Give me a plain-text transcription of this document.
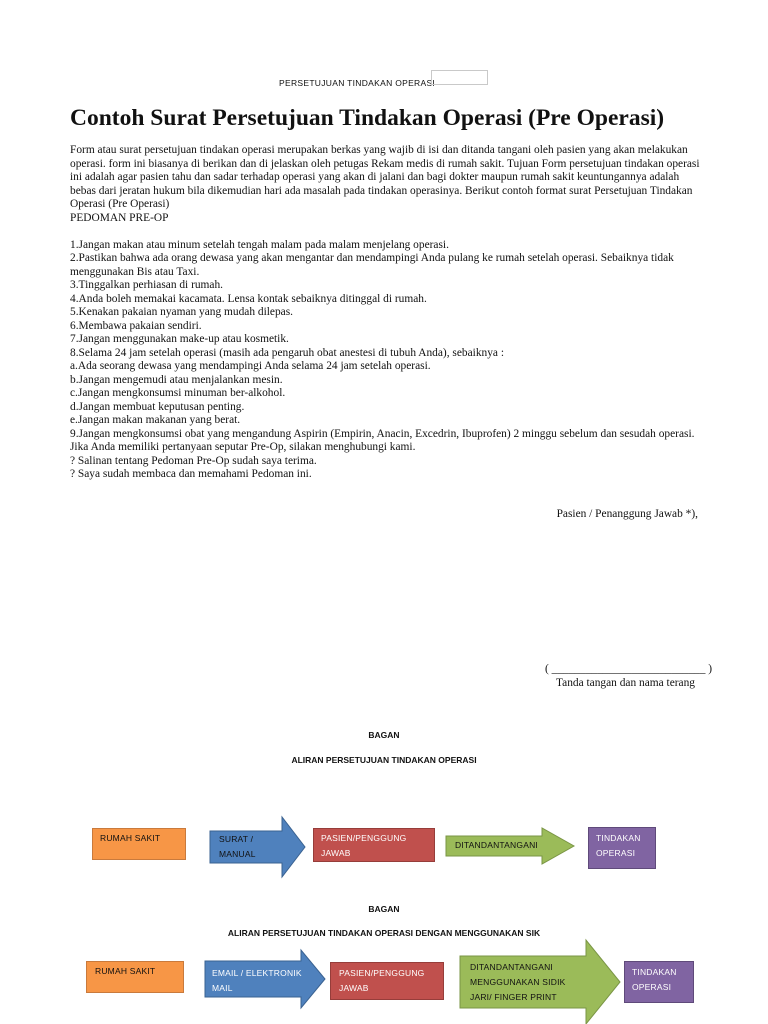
PERSETUJUAN TINDAKAN OPERASI
Contoh Surat Persetujuan Tindakan Operasi (Pre Operasi)
Form atau surat persetujuan tindakan operasi merupakan berkas yang wajib di isi dan ditanda tangani oleh pasien yang akan melakukan operasi. form ini biasanya di berikan dan di jelaskan oleh petugas Rekam medis di rumah sakit. Tujuan Form persetujuan tindakan operasi ini adalah agar pasien tahu dan sadar terhadap operasi yang akan di jalani dan bagi dokter maupun rumah sakit keuntungannya adalah bebas dari jeratan hukum bila dikemudian hari ada masalah pada tindakan operasinya. Berikut contoh format surat Persetujuan Tindakan Operasi (Pre Operasi)
PEDOMAN PRE-OP

1.Jangan makan atau minum setelah tengah malam pada malam menjelang operasi.
2.Pastikan bahwa ada orang dewasa yang akan mengantar dan mendampingi Anda pulang ke rumah setelah operasi. Sebaiknya tidak menggunakan Bis atau Taxi.
3.Tinggalkan perhiasan di rumah.
4.Anda boleh memakai kacamata. Lensa kontak sebaiknya ditinggal di rumah.
5.Kenakan pakaian nyaman yang mudah dilepas.
6.Membawa pakaian sendiri.
7.Jangan menggunakan make-up atau kosmetik.
8.Selama 24 jam setelah operasi (masih ada pengaruh obat anestesi di tubuh Anda), sebaiknya :
a.Ada seorang dewasa yang mendampingi Anda selama 24 jam setelah operasi.
b.Jangan mengemudi atau menjalankan mesin.
c.Jangan mengkonsumsi minuman ber-alkohol.
d.Jangan membuat keputusan penting.
e.Jangan makan makanan yang berat.
9.Jangan mengkonsumsi obat yang mengandung Aspirin (Empirin, Anacin, Excedrin, Ibuprofen) 2 minggu sebelum dan sesudah operasi.
Jika Anda memiliki pertanyaan seputar Pre-Op, silakan menghubungi kami.
? Salinan tentang Pedoman Pre-Op sudah saya terima.
? Saya sudah membaca dan memahami Pedoman ini.
Pasien / Penanggung Jawab *),
( ___________________________ )
Tanda tangan dan nama terang
BAGAN
ALIRAN PERSETUJUAN TINDAKAN OPERASI
RUMAH SAKIT	SURAT /
MANUAL
PASIEN/PENGGUNG
JAWAB
DITANDANTANGANI
TINDAKAN
OPERASI
BAGAN
ALIRAN PERSETUJUAN TINDAKAN OPERASI DENGAN MENGGUNAKAN SIK
RUMAH SAKIT	EMAIL / ELEKTRONIK
MAIL
PASIEN/PENGGUNG
JAWAB
DITANDANTANGANI
MENGGUNAKAN SIDIK
JARI/ FINGER PRINT
TINDAKAN
OPERASI
